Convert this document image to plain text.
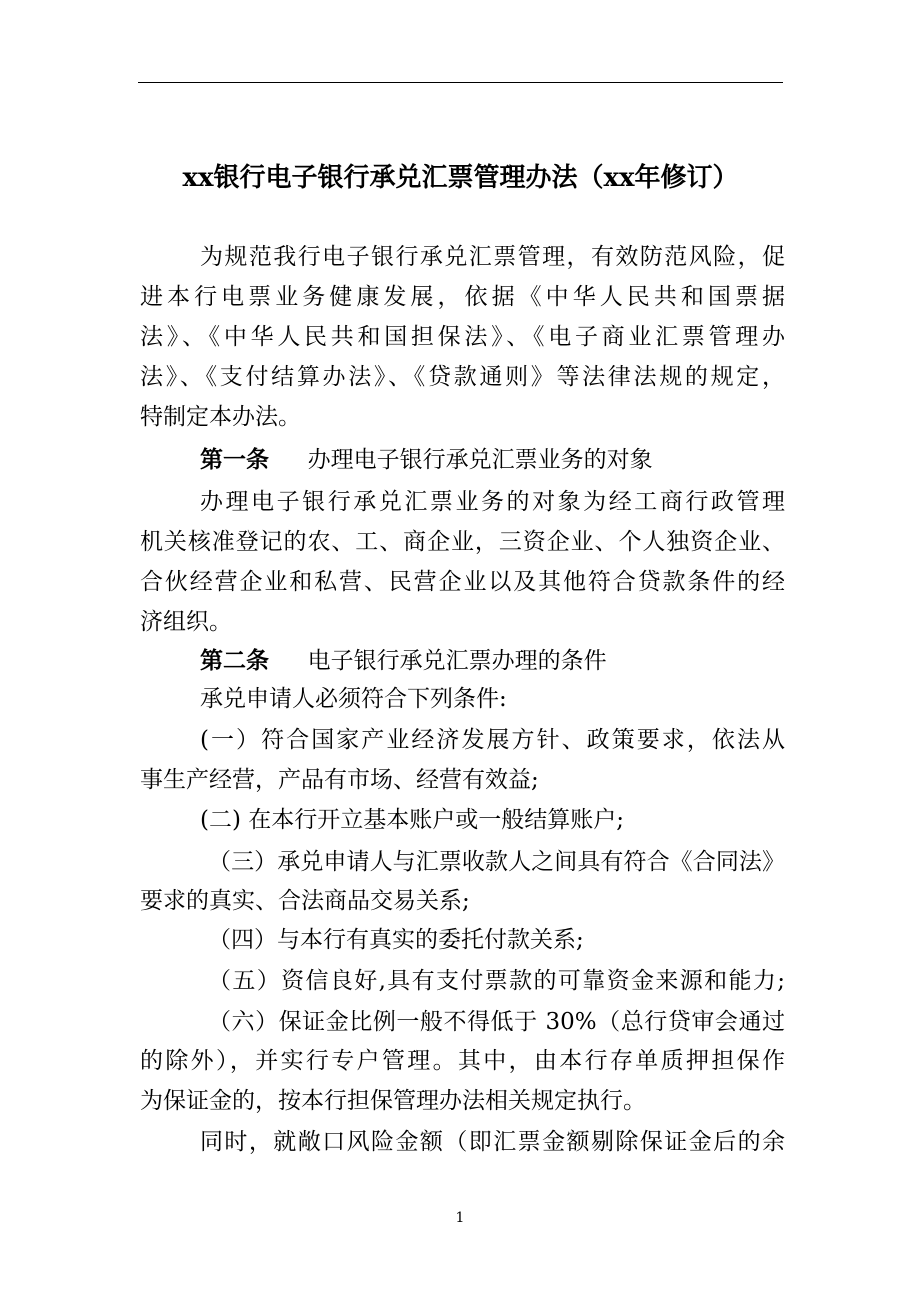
xx银行电子银行承兑汇票管理办法（xx年修订）
为规范我行电子银行承兑汇票管理，有效防范风险，促
进本行电票业务健康发展，依据《中华人民共和国票据
法》、《中华人民共和国担保法》、《电子商业汇票管理办
法》、《支付结算办法》、《贷款通则》等法律法规的规定，
特制定本办法。
第一条 办理电子银行承兑汇票业务的对象
办理电子银行承兑汇票业务的对象为经工商行政管理
机关核准登记的农、工、商企业，三资企业、个人独资企业、
合伙经营企业和私营、民营企业以及其他符合贷款条件的经
济组织。
第二条 电子银行承兑汇票办理的条件
承兑申请人必须符合下列条件:
(一）符合国家产业经济发展方针、政策要求，依法从
事生产经营，产品有市场、经营有效益;
(二) 在本行开立基本账户或一般结算账户;
（三）承兑申请人与汇票收款人之间具有符合《合同法》
要求的真实、合法商品交易关系;
（四）与本行有真实的委托付款关系;
（五）资信良好,具有支付票款的可靠资金来源和能力;
（六）保证金比例一般不得低于 30%（总行贷审会通过
的除外），并实行专户管理。其中，由本行存单质押担保作
为保证金的，按本行担保管理办法相关规定执行。
同时，就敞口风险金额（即汇票金额剔除保证金后的余
1
